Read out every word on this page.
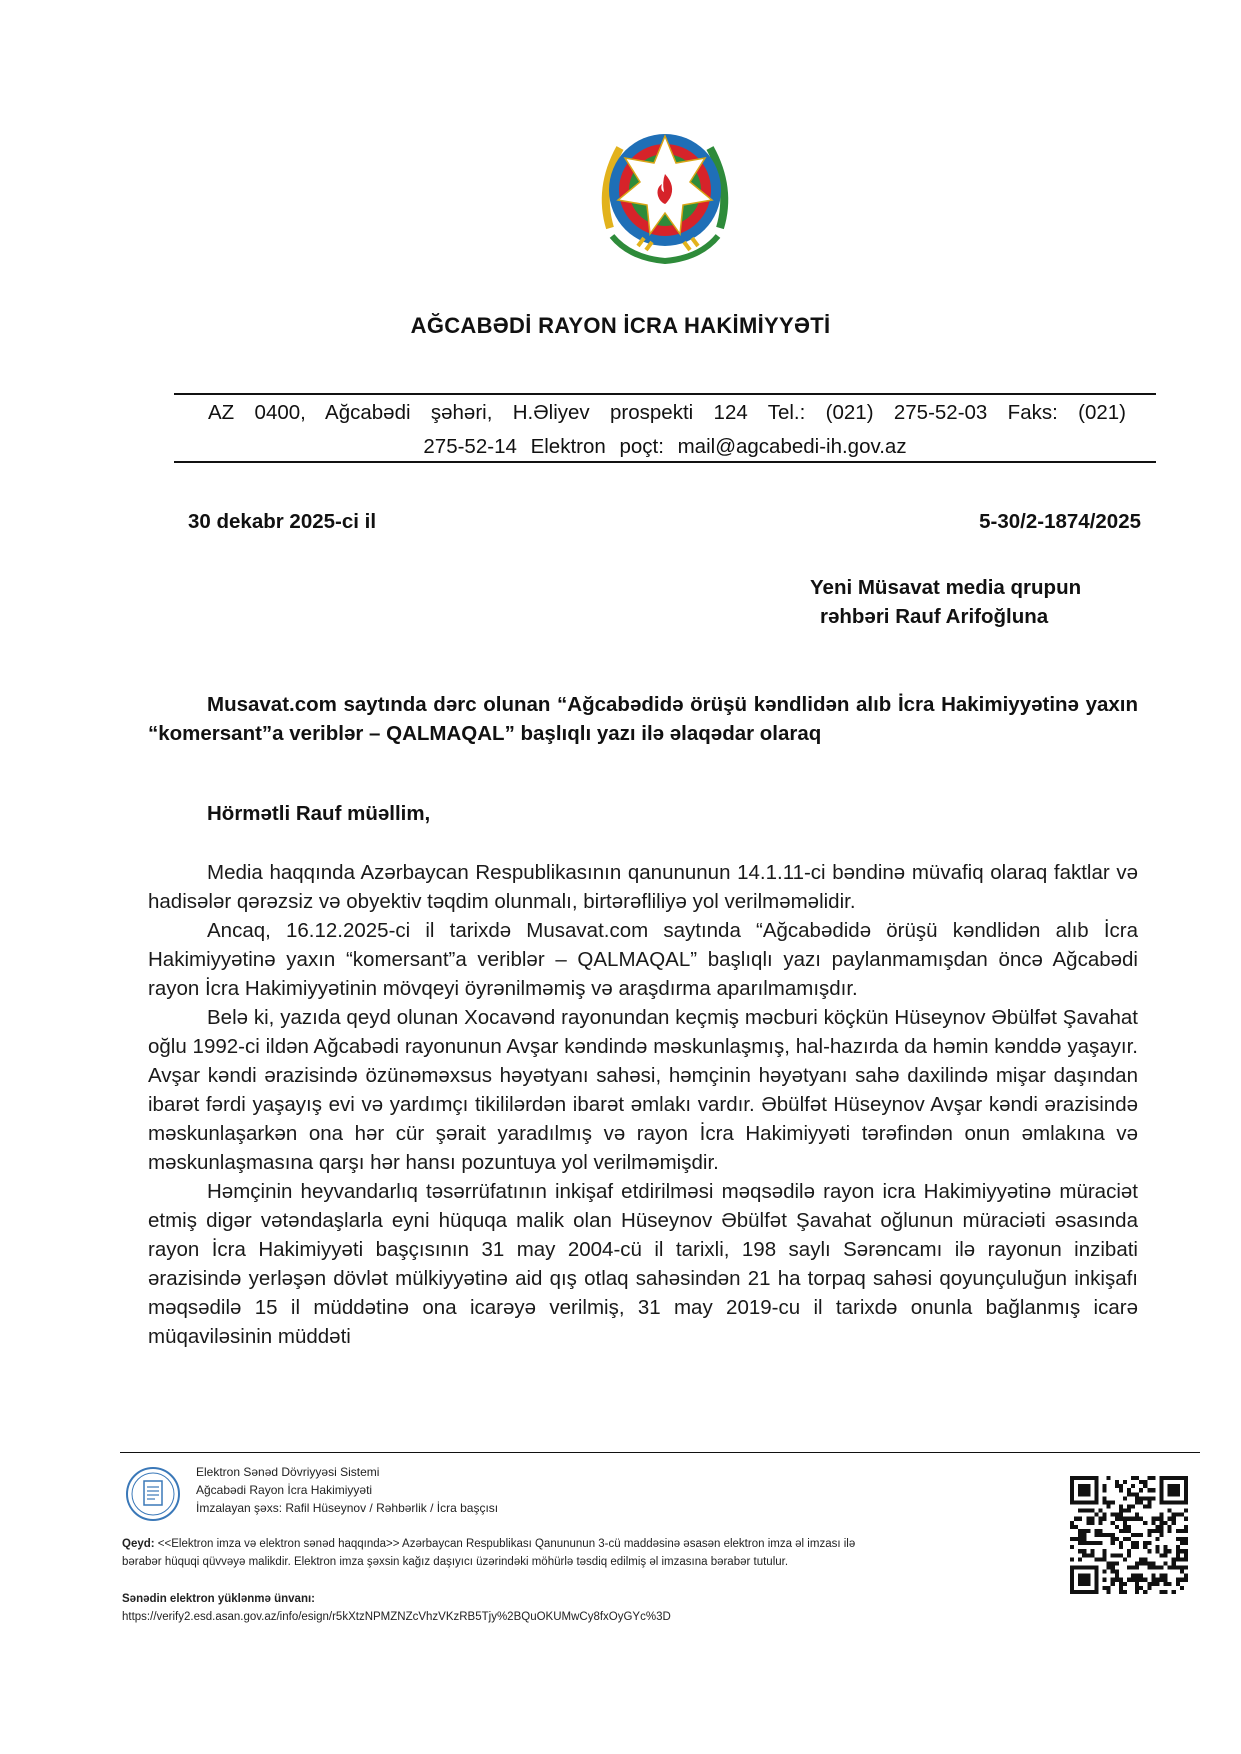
AĞCABƏDİ RAYON İCRA HAKİMİYYƏTİ
AZ 0400, Ağcabədi şəhəri, H.Əliyev prospekti 124 Tel.: (021) 275-52-03 Faks: (021)
275-52-14 Elektron poçt: mail@agcabedi-ih.gov.az
30 dekabr 2025-ci il	5-30/2-1874/2025
Yeni Müsavat media qrupun
rəhbəri Rauf Arifoğluna
Musavat.com saytında dərc olunan “Ağcabədidə örüşü kəndlidən alıb İcra Hakimiyyətinə yaxın “komersant”a veriblər – QALMAQAL” başlıqlı yazı ilə əlaqədar olaraq
Hörmətli Rauf müəllim,

Media haqqında Azərbaycan Respublikasının qanununun 14.1.11-ci bəndinə müvafiq olaraq faktlar və hadisələr qərəzsiz və obyektiv təqdim olunmalı, birtərəfliliyə yol verilməməlidir.

Ancaq, 16.12.2025-ci il tarixdə Musavat.com saytında “Ağcabədidə örüşü kəndlidən alıb İcra Hakimiyyətinə yaxın “komersant”a veriblər – QALMAQAL” başlıqlı yazı paylanmamışdan öncə Ağcabədi rayon İcra Hakimiyyətinin mövqeyi öyrənilməmiş və araşdırma aparılmamışdır.

Belə ki, yazıda qeyd olunan Xocavənd rayonundan keçmiş məcburi köçkün Hüseynov Əbülfət Şavahat oğlu 1992-ci ildən Ağcabədi rayonunun Avşar kəndində məskunlaşmış, hal-hazırda da həmin kənddə yaşayır. Avşar kəndi ərazisində özünəməxsus həyətyanı sahəsi, həmçinin həyətyanı sahə daxilində mişar daşından ibarət fərdi yaşayış evi və yardımçı tikililərdən ibarət əmlakı vardır. Əbülfət Hüseynov Avşar kəndi ərazisində məskunlaşarkən ona hər cür şərait yaradılmış və rayon İcra Hakimiyyəti tərəfindən onun əmlakına və məskunlaşmasına qarşı hər hansı pozuntuya yol verilməmişdir.

Həmçinin heyvandarlıq təsərrüfatının inkişaf etdirilməsi məqsədilə rayon icra Hakimiyyətinə müraciət etmiş digər vətəndaşlarla eyni hüquqa malik olan Hüseynov Əbülfət Şavahat oğlunun müraciəti əsasında rayon İcra Hakimiyyəti başçısının 31 may 2004-cü il tarixli, 198 saylı Sərəncamı ilə rayonun inzibati ərazisində yerləşən dövlət mülkiyyətinə aid qış otlaq sahəsindən 21 ha torpaq sahəsi qoyunçuluğun inkişafı məqsədilə 15 il müddətinə ona icarəyə verilmiş, 31 may 2019-cu il tarixdə onunla bağlanmış icarə müqaviləsinin müddəti

Elektron Sənəd Dövriyyəsi Sistemi
Ağcabədi Rayon İcra Hakimiyyəti
İmzalayan şəxs: Rafil Hüseynov / Rəhbərlik / İcra başçısı
Qeyd: <<Elektron imza və elektron sənəd haqqında>> Azərbaycan Respublikası Qanununun 3-cü maddəsinə əsasən elektron imza əl imzası ilə bərabər hüquqi qüvvəyə malikdir. Elektron imza şəxsin kağız daşıyıcı üzərindəki möhürlə təsdiq edilmiş əl imzasına bərabər tutulur.
Sənədin elektron yüklənmə ünvanı:
https://verify2.esd.asan.gov.az/info/esign/r5kXtzNPMZNZcVhzVKzRB5Tjy%2BQuOKUMwCy8fxOyGYc%3D
